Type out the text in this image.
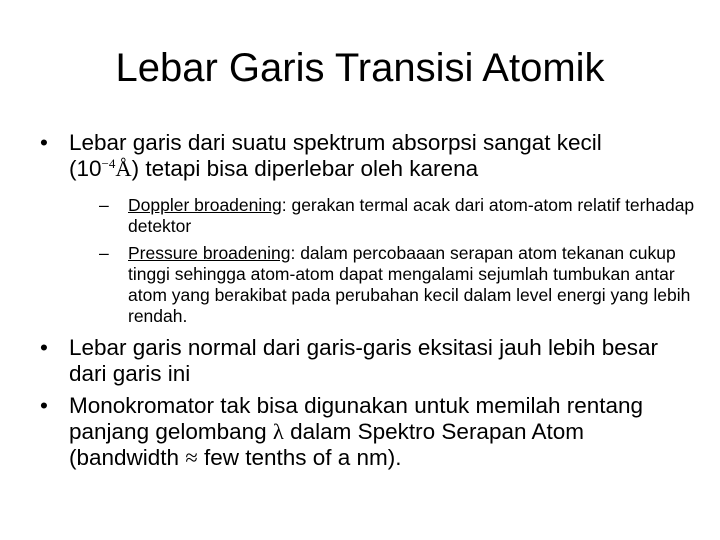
Lebar Garis Transisi Atomik
• Lebar garis dari suatu spektrum absorpsi sangat kecil
$(10^{-4}Å)$ tetapi bisa diperlebar oleh karena
– Doppler broadening: gerakan termal acak dari atom-atom relatif terhadap detektor
– Pressure broadening: dalam percobaaan serapan atom tekanan cukup tinggi sehingga atom-atom dapat mengalami sejumlah tumbukan antar atom yang berakibat pada perubahan kecil dalam level energi yang lebih rendah.
• Lebar garis normal dari garis-garis eksitasi jauh lebih besar dari garis ini
• Monokromator tak bisa digunakan untuk memilah rentang panjang gelombang λ dalam Spektro Serapan Atom (bandwidth ≈ few tenths of a nm).
